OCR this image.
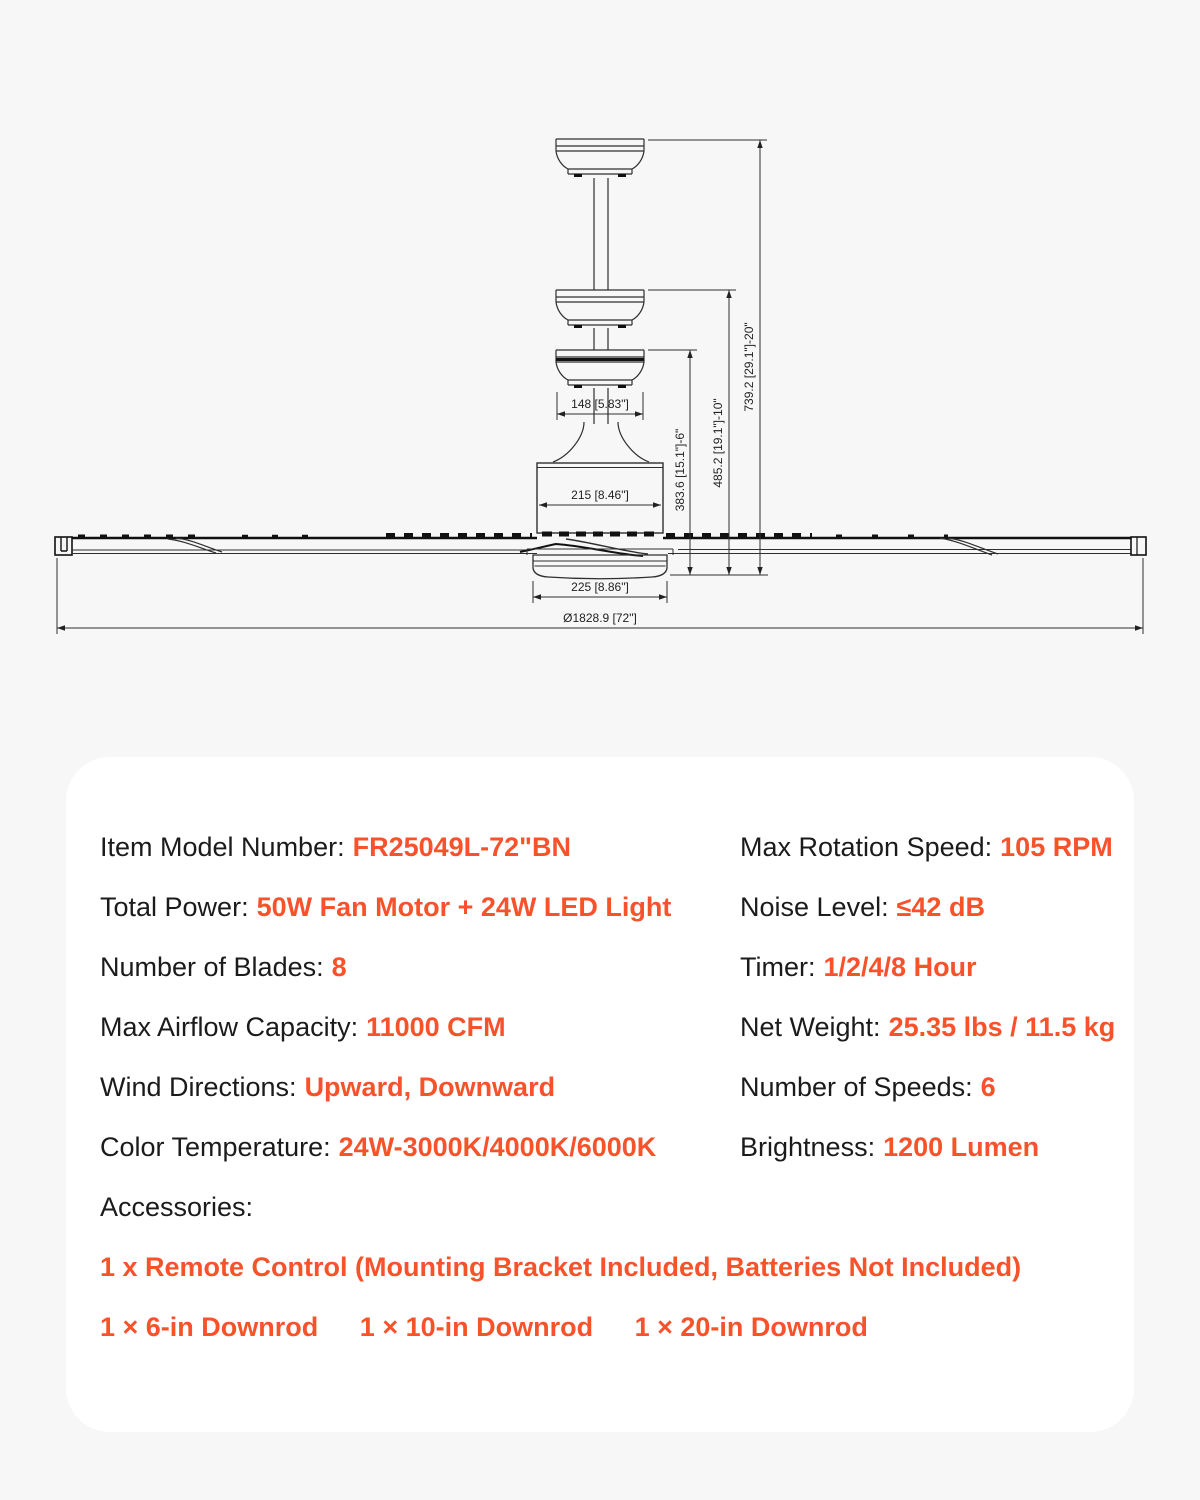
148 [5.83"]
215 [8.46"]
225 [8.86"]
Ø1828.9 [72"]
383.6 [15.1"]-6" 485.2 [19.1"]-10"
739.2 [29.1"]-20"
Item Model Number: FR25049L-72"BN
Total Power: 50W Fan Motor + 24W LED Light
Number of Blades: 8
Max Airflow Capacity: 11000 CFM
Wind Directions: Upward, Downward
Color Temperature: 24W-3000K/4000K/6000K
Accessories:
Max Rotation Speed: 105 RPM
Noise Level: ≤42 dB
Timer: 1/2/4/8 Hour
Net Weight: 25.35 lbs / 11.5 kg
Number of Speeds: 6
Brightness: 1200 Lumen
1 x Remote Control (Mounting Bracket Included, Batteries Not Included)
1 × 6-in Downrod 1 × 10-in Downrod 1 × 20-in Downrod
